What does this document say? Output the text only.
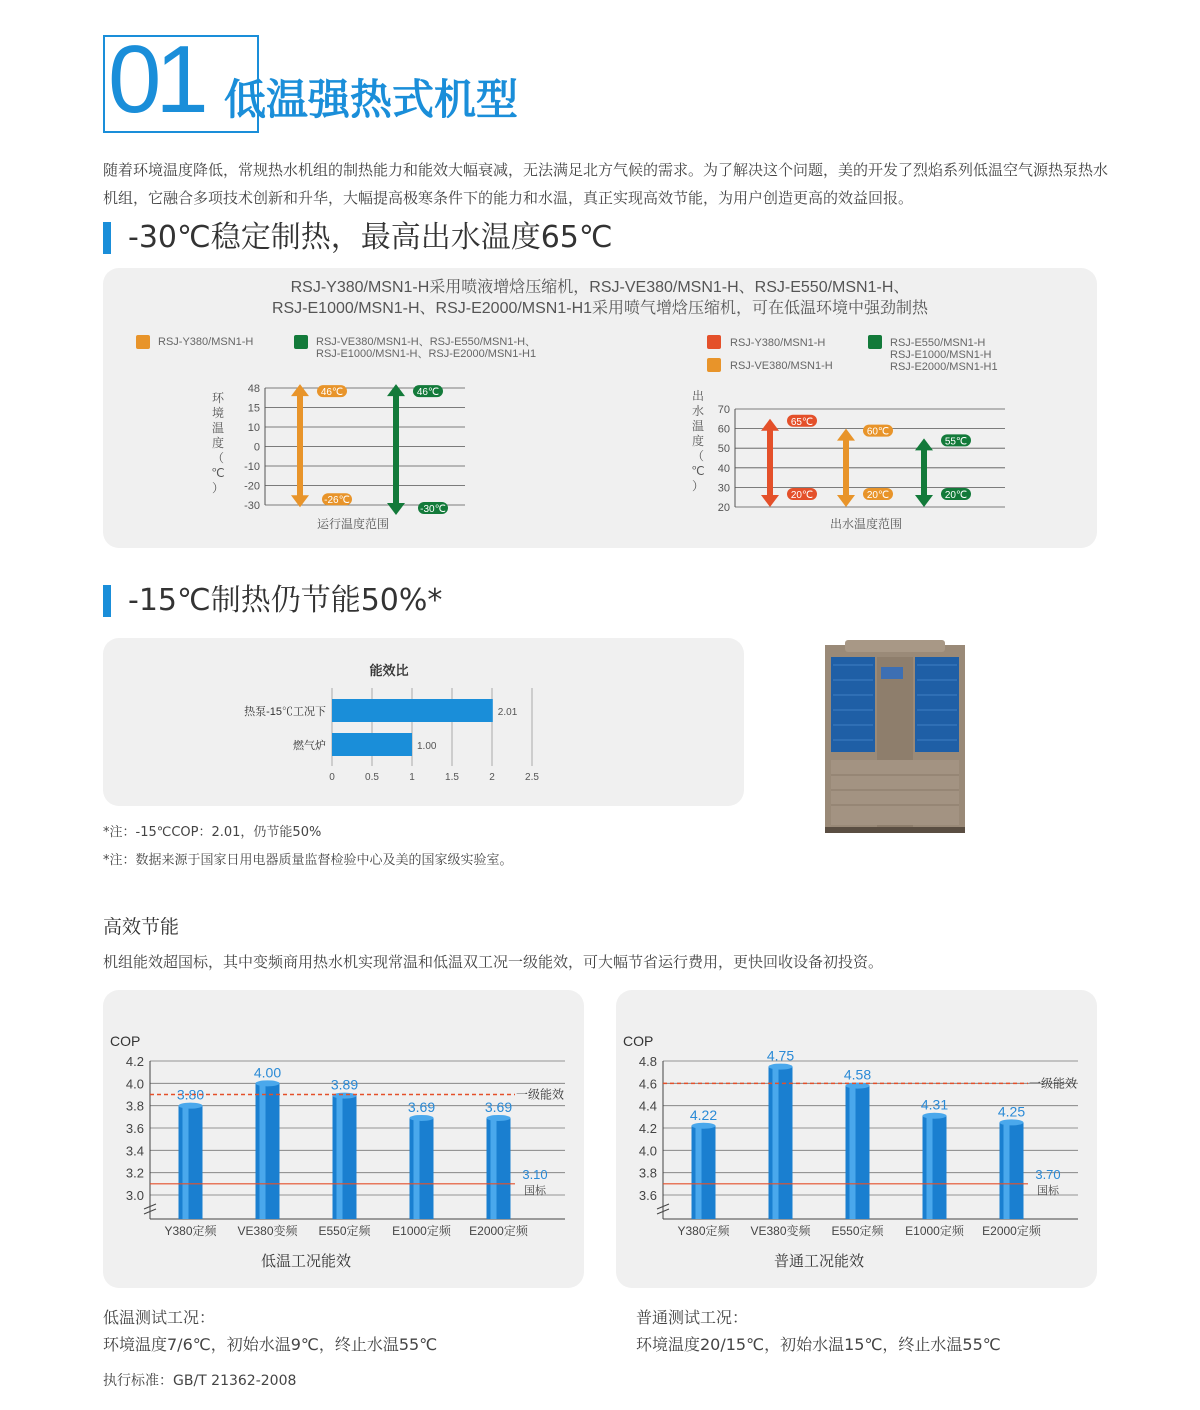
01 低温强热式机型

随着环境温度降低，常规热水机组的制热能力和能效大幅衰减，无法满足北方气候的需求。为了解决这个问题，美的开发了烈焰系列低温空气源热泵热水机组，它融合多项技术创新和升华，大幅提高极寒条件下的能力和水温，真正实现高效节能，为用户创造更高的效益回报。

-30℃稳定制热，最高出水温度65℃
RSJ-Y380/MSN1-H采用喷液增焓压缩机，RSJ-VE380/MSN1-H、RSJ-E550/MSN1-H、
RSJ-E1000/MSN1-H、RSJ-E2000/MSN1-H1采用喷气增焓压缩机，可在低温环境中强劲制热
RSJ-Y380/MSN1-H	RSJ-VE380/MSN1-H、RSJ-E550/MSN1-H、
RSJ-E1000/MSN1-H、RSJ-E2000/MSN1-H1
RSJ-Y380/MSN1-H
RSJ-VE380/MSN1-H
RSJ-E550/MSN1-H
RSJ-E1000/MSN1-H
RSJ-E2000/MSN1-H1
环
境
温
度
（
℃
）
48
15
10
0
-10
-20
-30
46℃
-26℃
46℃
-30℃
运行温度范围
出
水
温
度
（
℃
）
70
60
50
40
30
20
65℃
20℃
60℃
20℃
55℃
20℃
出水温度范围
-15℃制热仍节能50%*
能效比
0	0.5	1	1.5	2	2.5
热泵-15℃工况下	2.01
燃气炉	1.00
*注：-15℃COP：2.01，仍节能50%
*注：数据来源于国家日用电器质量监督检验中心及美的国家级实验室。
高效节能
机组能效超国标，其中变频商用热水机实现常温和低温双工况一级能效，可大幅节省运行费用，更快回收设备初投资。
COP
3.0
3.2
3.4
3.6
3.8
4.0
4.2
3.80
Y380定频
4.00
VE380变频
3.89
E550定频
3.69
E1000定频
3.69
E2000定频
一级能效
3.10
国标
低温工况能效
COP
3.6
3.8
4.0
4.2
4.4
4.6
4.8
4.22
Y380定频
4.75
VE380变频
4.58
E550定频
4.31
E1000定频
4.25
E2000定频
一级能效
3.70
国标
普通工况能效
低温测试工况：
环境温度7/6℃，初始水温9℃，终止水温55℃
普通测试工况：
环境温度20/15℃，初始水温15℃，终止水温55℃
执行标准：GB/T 21362-2008
